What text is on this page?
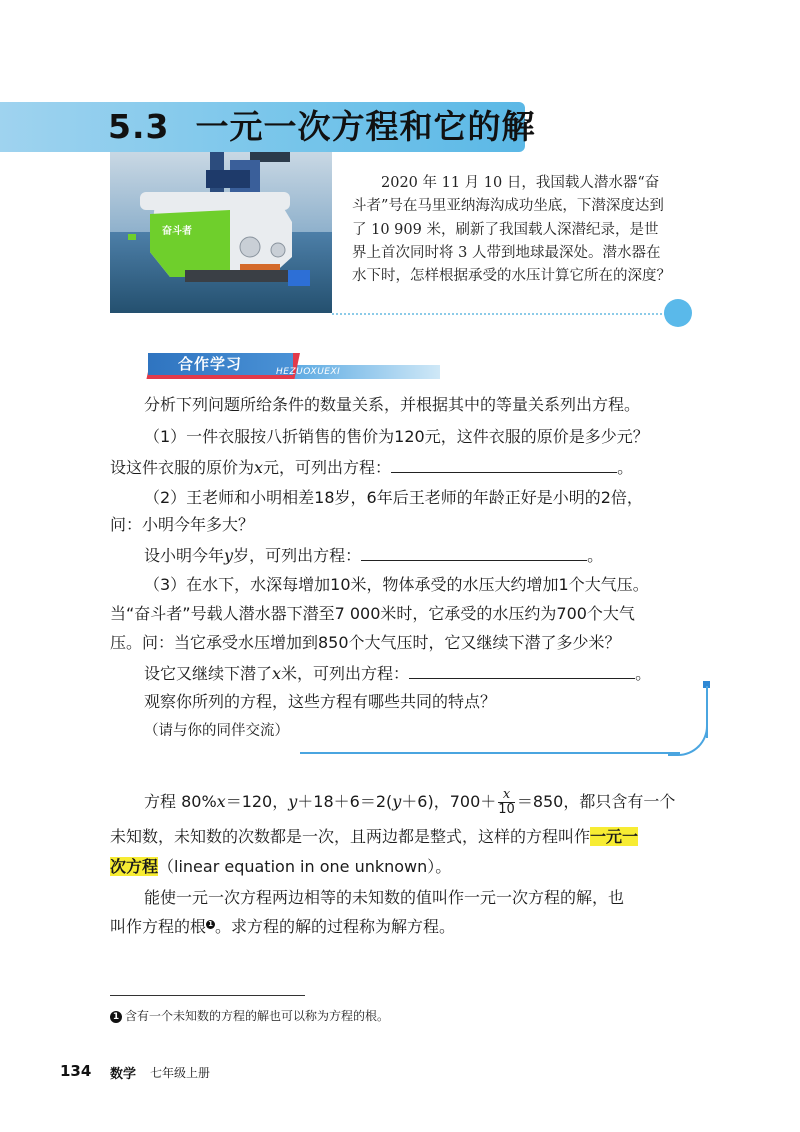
5.3 一元一次方程和它的解
奋斗者
2020 年 11 月 10 日，我国载人潜水器“奋斗者”号在马里亚纳海沟成功坐底，下潜深度达到了 10 909 米，刷新了我国载人深潜纪录，是世界上首次同时将 3 人带到地球最深处。潜水器在水下时，怎样根据承受的水压计算它所在的深度？
合作学习	HEZUOXUEXI
分析下列问题所给条件的数量关系，并根据其中的等量关系列出方程。
（1）一件衣服按八折销售的售价为120元，这件衣服的原价是多少元？
设这件衣服的原价为x元，可列出方程：	。
（2）王老师和小明相差18岁，6年后王老师的年龄正好是小明的2倍，
问：小明今年多大？
设小明今年y岁，可列出方程：	。
（3）在水下，水深每增加10米，物体承受的水压大约增加1个大气压。
当“奋斗者”号载人潜水器下潜至7 000米时，它承受的水压约为700个大气
压。问：当它承受水压增加到850个大气压时，它又继续下潜了多少米？
设它又继续下潜了x米，可列出方程：	。
观察你所列的方程，这些方程有哪些共同的特点？
（请与你的同伴交流）
方程 80%x＝120，y＋18＋6＝2(y＋6)，$700+ \frac{x}{10} =850$，都只含有一个
未知数，未知数的次数都是一次，且两边都是整式，这样的方程叫作一元一
次方程（linear equation in one unknown）。
能使一元一次方程两边相等的未知数的值叫作一元一次方程的解，也
叫作方程的根 1 。求方程的解的过程称为解方程。
1 含有一个未知数的方程的解也可以称为方程的根。
134 数学 七年级上册
